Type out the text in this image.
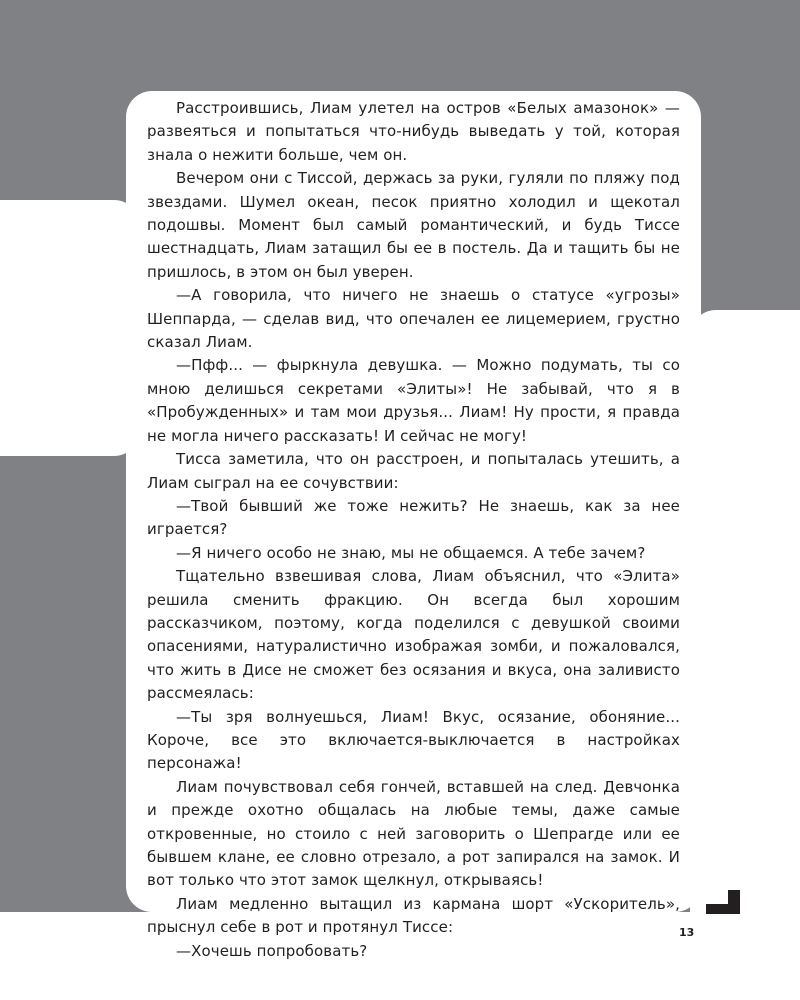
Расстроившись, Лиам улетел на остров «Белых амазонок» — развеяться и попытаться что-нибудь выведать у той, которая знала о нежити больше, чем он.

Вечером они с Тиссой, держась за руки, гуляли по пляжу под звездами. Шумел океан, песок приятно холодил и щекотал подошвы. Момент был самый романтический, и будь Тиссе шестнадцать, Лиам затащил бы ее в постель. Да и тащить бы не пришлось, в этом он был уверен.

—А говорила, что ничего не знаешь о статусе «угрозы» Шеппарда, — сделав вид, что опечален ее лицемерием, грустно сказал Лиам.

—Пфф... — фыркнула девушка. — Можно подумать, ты со мною делишься секретами «Элиты»! Не забывай, что я в «Пробужденных» и там мои друзья... Лиам! Ну прости, я правда не могла ничего рассказать! И сейчас не могу!

Тисса заметила, что он расстроен, и попыталась утешить, а Лиам сыграл на ее сочувствии:

—Твой бывший же тоже нежить? Не знаешь, как за нее играется?

—Я ничего особо не знаю, мы не общаемся. А тебе зачем?

Тщательно взвешивая слова, Лиам объяснил, что «Элита» решила сменить фракцию. Он всегда был хорошим рассказчиком, поэтому, когда поделился с девушкой своими опасениями, натуралистично изображая зомби, и пожаловался, что жить в Дисе не сможет без осязания и вкуса, она заливисто рассмеялась:

—Ты зря волнуешься, Лиам! Вкус, осязание, обоняние... Короче, все это включается-выключается в настройках персонажа!

Лиам почувствовал себя гончей, вставшей на след. Девчонка и прежде охотно общалась на любые темы, даже самые откровенные, но стоило с ней заговорить о Шепparде или ее бывшем клане, ее словно отрезало, а рот запирался на замок. И вот только что этот замок щелкнул, открываясь!

Лиам медленно вытащил из кармана шорт «Ускоритель», прыснул себе в рот и протянул Тиссе:

—Хочешь попробовать?

13
